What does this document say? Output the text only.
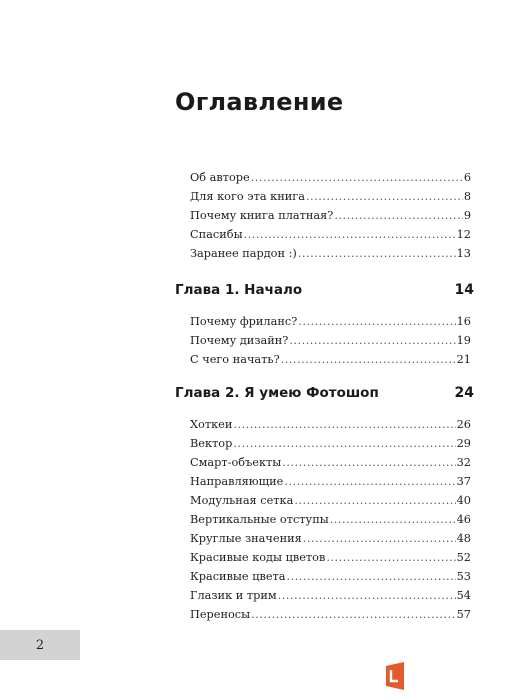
Оглавление
Об авторе .....	6
Для кого эта книга .....	8
Почему книга платная? .....	9
Спасибы .....	12
Заранее пардон :) .....	13
Глава 1. Начало	14
Почему фриланс? .....	16
Почему дизайн? .....	19
С чего начать? .....	21
Глава 2. Я умею Фотошоп	24
Хоткеи .....	26
Вектор .....	29
Смарт-объекты .....	32
Направляющие .....	37
Модульная сетка .....	40
Вертикальные отступы .....	46
Круглые значения .....	48
Красивые коды цветов .....	52
Красивые цвета .....	53
Глазик и трим .....	54
Переносы .....	57
2
